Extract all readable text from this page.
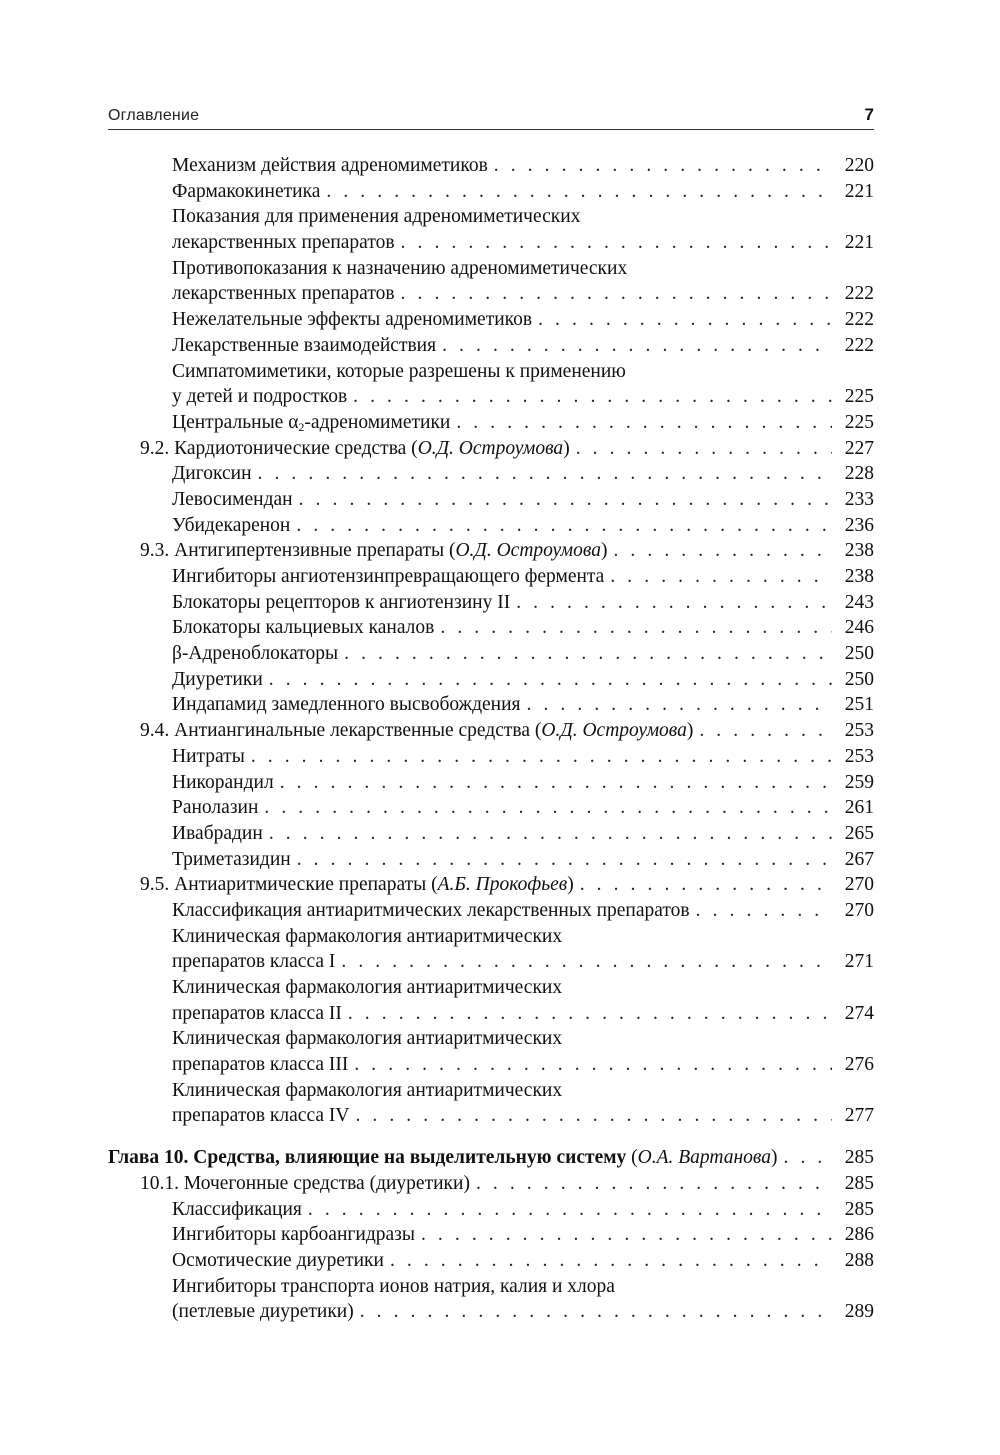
Оглавление	7
Механизм действия адреномиметиков . . .	220
Фармакокинетика . . .	221
Показания для применения адреномиметических
лекарственных препаратов . . .	221
Противопоказания к назначению адреномиметических
лекарственных препаратов . . .	222
Нежелательные эффекты адреномиметиков . . .	222
Лекарственные взаимодействия . . .	222
Симпатомиметики, которые разрешены к применению
у детей и подростков . . .	225
Центральные $\alpha_2$-адреномиметики . . .	225
9.2. Кардиотонические средства (О.Д. Остроумова) . . .	227
Дигоксин . . .	228
Левосимендан . . .	233
Убидекаренон . . .	236
9.3. Антигипертензивные препараты (О.Д. Остроумова) . . .	238
Ингибиторы ангиотензинпревращающего фермента . . .	238
Блокаторы рецепторов к ангиотензину II . . .	243
Блокаторы кальциевых каналов . . .	246
β-Адреноблокаторы . . .	250
Диуретики . . .	250
Индапамид замедленного высвобождения . . .	251
9.4. Антиангинальные лекарственные средства (О.Д. Остроумова) . . .	253
Нитраты . . .	253
Никорандил . . .	259
Ранолазин . . .	261
Ивабрадин . . .	265
Триметазидин . . .	267
9.5. Антиаритмические препараты (А.Б. Прокофьев) . . .	270
Классификация антиаритмических лекарственных препаратов . . .	270
Клиническая фармакология антиаритмических
препаратов класса I . . .	271
Клиническая фармакология антиаритмических
препаратов класса II . . .	274
Клиническая фармакология антиаритмических
препаратов класса III . . .	276
Клиническая фармакология антиаритмических
препаратов класса IV . . .	277
Глава 10. Средства, влияющие на выделительную систему (О.А. Вартанова) . . .	285
10.1. Мочегонные средства (диуретики) . . .	285
Классификация . . .	285
Ингибиторы карбоангидразы . . .	286
Осмотические диуретики . . .	288
Ингибиторы транспорта ионов натрия, калия и хлора
(петлевые диуретики) . . .	289
